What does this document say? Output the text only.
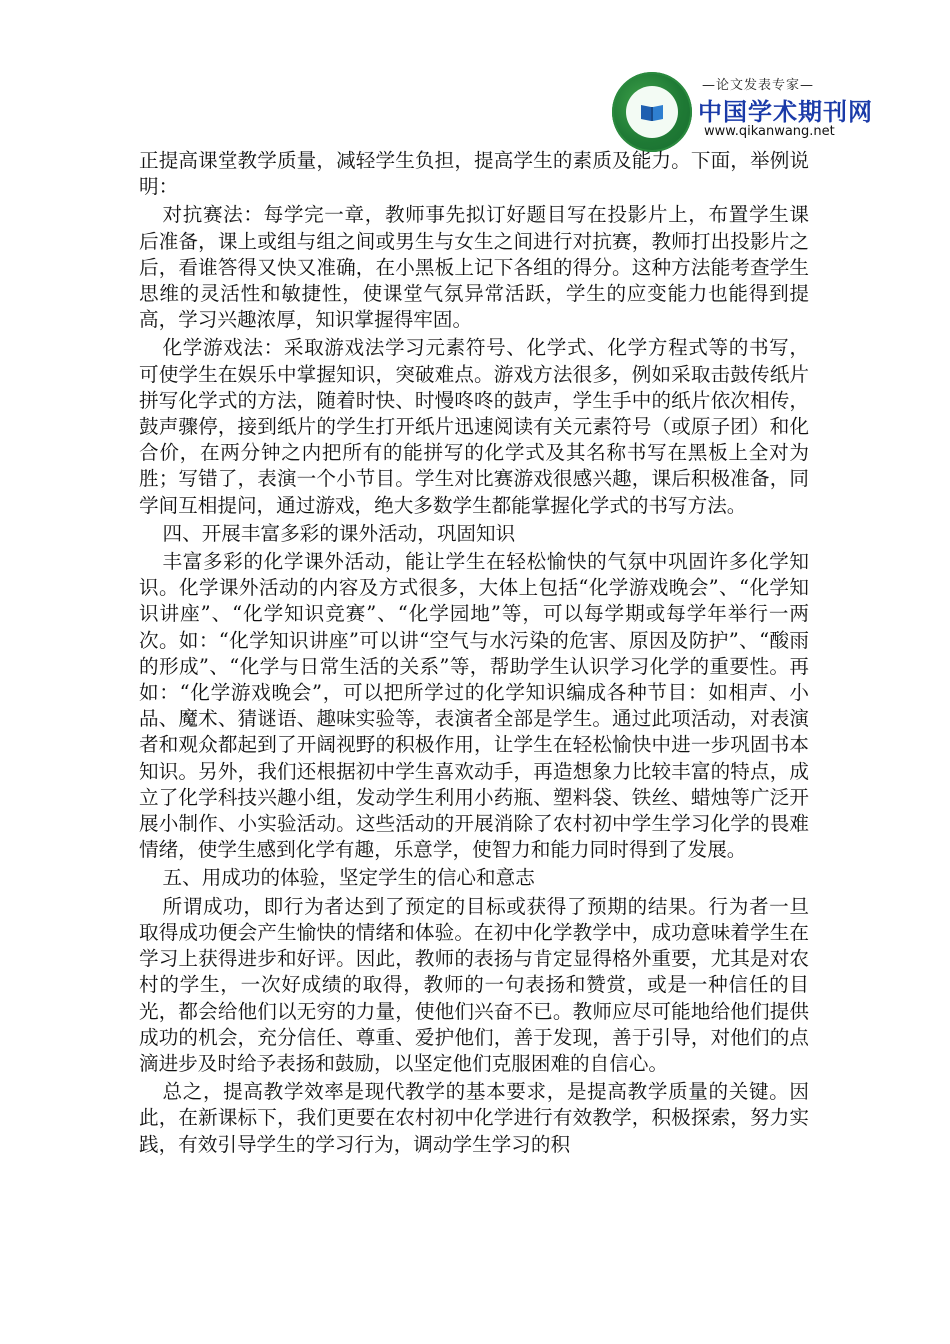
—论文发表专家—
中国学术期刊网
www.qikanwang.net

正提高课堂教学质量，减轻学生负担，提高学生的素质及能力。下面，举例说明：

对抗赛法：每学完一章，教师事先拟订好题目写在投影片上，布置学生课后准备，课上或组与组之间或男生与女生之间进行对抗赛，教师打出投影片之后，看谁答得又快又准确，在小黑板上记下各组的得分。这种方法能考查学生思维的灵活性和敏捷性，使课堂气氛异常活跃，学生的应变能力也能得到提高，学习兴趣浓厚，知识掌握得牢固。

化学游戏法：采取游戏法学习元素符号、化学式、化学方程式等的书写，可使学生在娱乐中掌握知识，突破难点。游戏方法很多，例如采取击鼓传纸片拼写化学式的方法，随着时快、时慢咚咚的鼓声，学生手中的纸片依次相传，鼓声骤停，接到纸片的学生打开纸片迅速阅读有关元素符号（或原子团）和化合价，在两分钟之内把所有的能拼写的化学式及其名称书写在黑板上全对为胜；写错了，表演一个小节目。学生对比赛游戏很感兴趣，课后积极准备，同学间互相提问，通过游戏，绝大多数学生都能掌握化学式的书写方法。

四、开展丰富多彩的课外活动，巩固知识

丰富多彩的化学课外活动，能让学生在轻松愉快的气氛中巩固许多化学知识。化学课外活动的内容及方式很多，大体上包括“化学游戏晚会”、“化学知识讲座”、“化学知识竞赛”、“化学园地”等，可以每学期或每学年举行一两次。如：“化学知识讲座”可以讲“空气与水污染的危害、原因及防护”、“酸雨的形成”、“化学与日常生活的关系”等，帮助学生认识学习化学的重要性。再如：“化学游戏晚会”，可以把所学过的化学知识编成各种节目：如相声、小品、魔术、猜谜语、趣味实验等，表演者全部是学生。通过此项活动，对表演者和观众都起到了开阔视野的积极作用，让学生在轻松愉快中进一步巩固书本知识。另外，我们还根据初中学生喜欢动手，再造想象力比较丰富的特点，成立了化学科技兴趣小组，发动学生利用小药瓶、塑料袋、铁丝、蜡烛等广泛开展小制作、小实验活动。这些活动的开展消除了农村初中学生学习化学的畏难情绪，使学生感到化学有趣，乐意学，使智力和能力同时得到了发展。

五、用成功的体验，坚定学生的信心和意志

所谓成功，即行为者达到了预定的目标或获得了预期的结果。行为者一旦取得成功便会产生愉快的情绪和体验。在初中化学教学中，成功意味着学生在学习上获得进步和好评。因此，教师的表扬与肯定显得格外重要，尤其是对农村的学生，一次好成绩的取得，教师的一句表扬和赞赏，或是一种信任的目光，都会给他们以无穷的力量，使他们兴奋不已。教师应尽可能地给他们提供成功的机会，充分信任、尊重、爱护他们，善于发现，善于引导，对他们的点滴进步及时给予表扬和鼓励，以坚定他们克服困难的自信心。

总之，提高教学效率是现代教学的基本要求，是提高教学质量的关键。因此，在新课标下，我们更要在农村初中化学进行有效教学，积极探索，努力实践，有效引导学生的学习行为，调动学生学习的积
